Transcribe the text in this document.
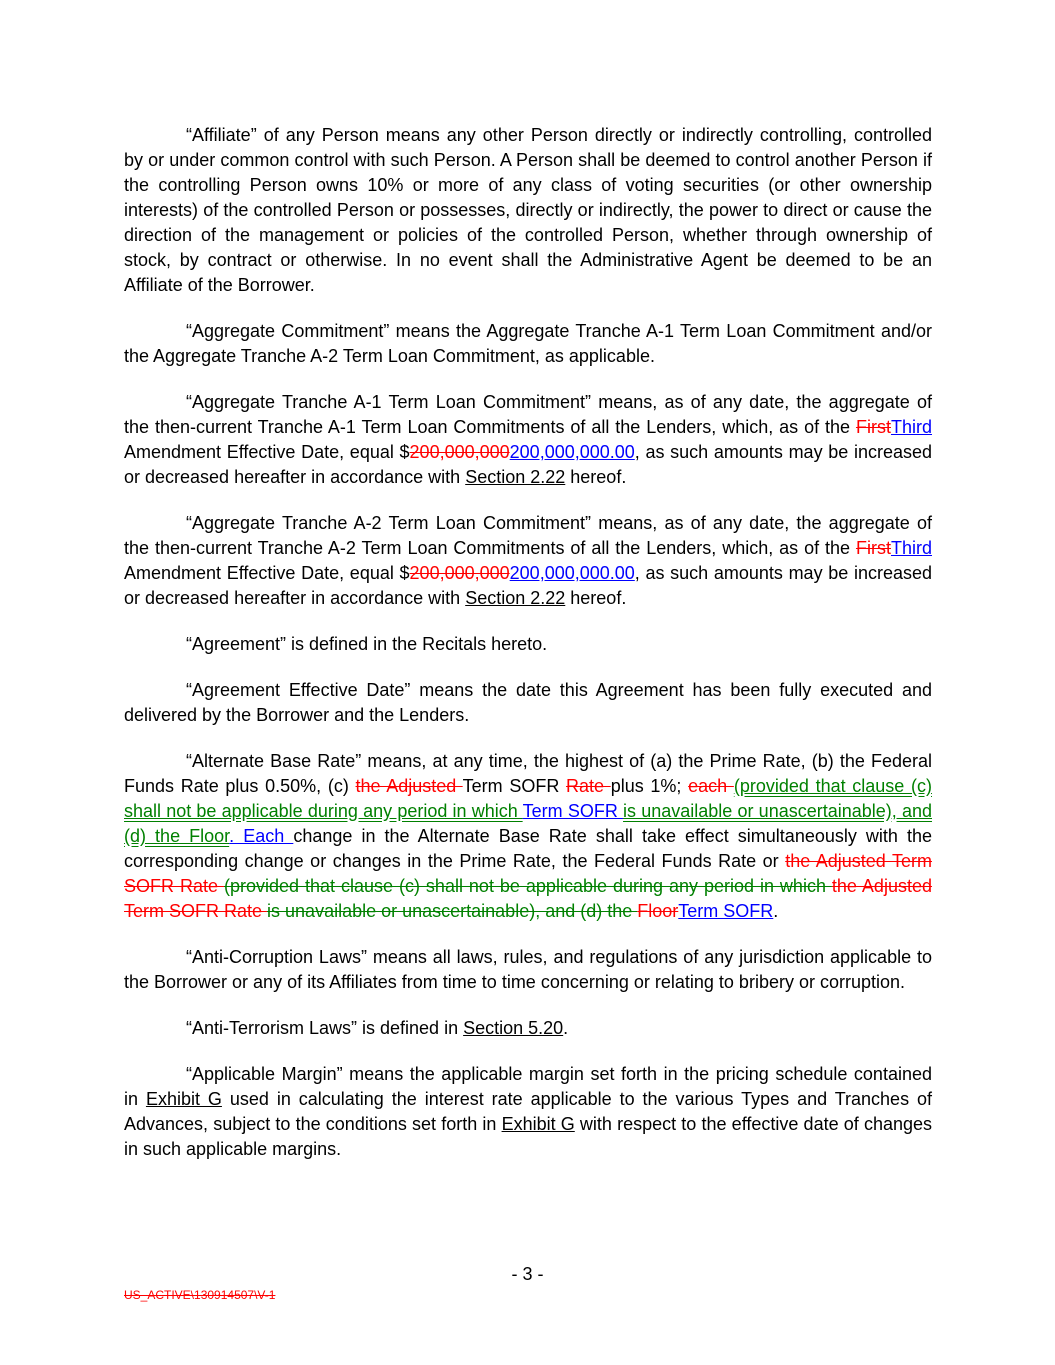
“Affiliate” of any Person means any other Person directly or indirectly controlling, controlled by or under common control with such Person. A Person shall be deemed to control another Person if the controlling Person owns 10% or more of any class of voting securities (or other ownership interests) of the controlled Person or possesses, directly or indirectly, the power to direct or cause the direction of the management or policies of the controlled Person, whether through ownership of stock, by contract or otherwise. In no event shall the Administrative Agent be deemed to be an Affiliate of the Borrower.

“Aggregate Commitment” means the Aggregate Tranche A-1 Term Loan Commitment and/or the Aggregate Tranche A-2 Term Loan Commitment, as applicable.

“Aggregate Tranche A-1 Term Loan Commitment” means, as of any date, the aggregate of the then-current Tranche A-1 Term Loan Commitments of all the Lenders, which, as of the FirstThird Amendment Effective Date, equal $200,000,000200,000,000.00, as such amounts may be increased or decreased hereafter in accordance with Section 2.22 hereof.

“Aggregate Tranche A-2 Term Loan Commitment” means, as of any date, the aggregate of the then-current Tranche A-2 Term Loan Commitments of all the Lenders, which, as of the FirstThird Amendment Effective Date, equal $200,000,000200,000,000.00, as such amounts may be increased or decreased hereafter in accordance with Section 2.22 hereof.

“Agreement” is defined in the Recitals hereto.

“Agreement Effective Date” means the date this Agreement has been fully executed and delivered by the Borrower and the Lenders.

“Alternate Base Rate” means, at any time, the highest of (a) the Prime Rate, (b) the Federal Funds Rate plus 0.50%, (c) the Adjusted Term SOFR Rate plus 1%; each (provided that clause (c) shall not be applicable during any period in which Term SOFR is unavailable or unascertainable), and (d) the Floor. Each change in the Alternate Base Rate shall take effect simultaneously with the corresponding change or changes in the Prime Rate, the Federal Funds Rate or the Adjusted Term SOFR Rate (provided that clause (c) shall not be applicable during any period in which the Adjusted Term SOFR Rate is unavailable or unascertainable), and (d) the FloorTerm SOFR.

“Anti-Corruption Laws” means all laws, rules, and regulations of any jurisdiction applicable to the Borrower or any of its Affiliates from time to time concerning or relating to bribery or corruption.

“Anti-Terrorism Laws” is defined in Section 5.20.

“Applicable Margin” means the applicable margin set forth in the pricing schedule contained in Exhibit G used in calculating the interest rate applicable to the various Types and Tranches of Advances, subject to the conditions set forth in Exhibit G with respect to the effective date of changes in such applicable margins.

- 3 -
US_ACTIVE\130914507\V-1
